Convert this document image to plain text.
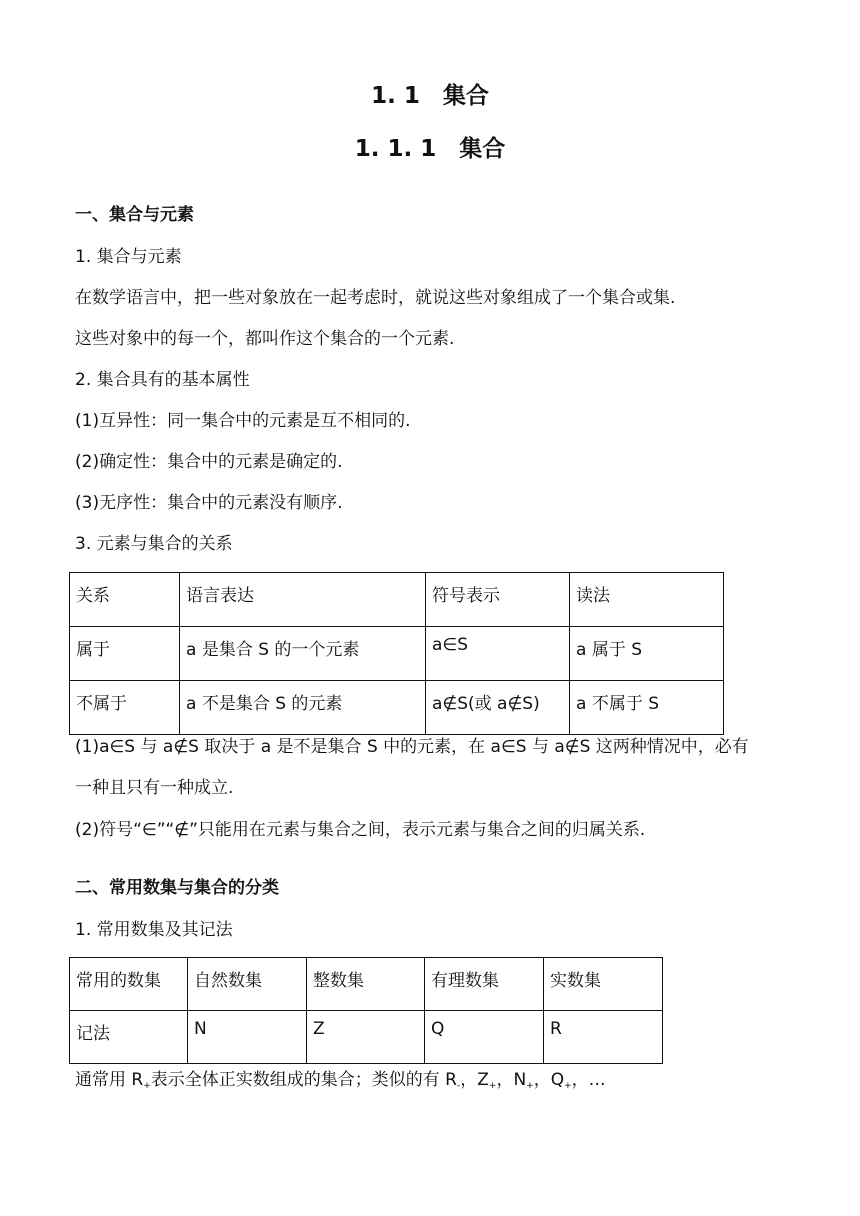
1. 1　集合
1. 1. 1　集合
一、集合与元素
1. 集合与元素
在数学语言中，把一些对象放在一起考虑时，就说这些对象组成了一个集合或集.
这些对象中的每一个，都叫作这个集合的一个元素.
2. 集合具有的基本属性
(1)互异性：同一集合中的元素是互不相同的.
(2)确定性：集合中的元素是确定的.
(3)无序性：集合中的元素没有顺序.
3. 元素与集合的关系
关系	语言表达	符号表示	读法
属于	a 是集合 S 的一个元素	a∈S	a 属于 S
不属于	a 不是集合 S 的元素	a∉S(或 a∉S)	a 不属于 S
(1)a∈S 与 a∉S 取决于 a 是不是集合 S 中的元素，在 a∈S 与 a∉S 这两种情况中，必有
一种且只有一种成立.
(2)符号“∈”“∉”只能用在元素与集合之间，表示元素与集合之间的归属关系.
二、常用数集与集合的分类
1. 常用数集及其记法
常用的数集	自然数集	整数集	有理数集	实数集
记法	N	Z	Q	R
通常用 $R_+$表示全体正实数组成的集合；类似的有 $R_-$，$Z_+$，$N_+$，$Q_+$，…
